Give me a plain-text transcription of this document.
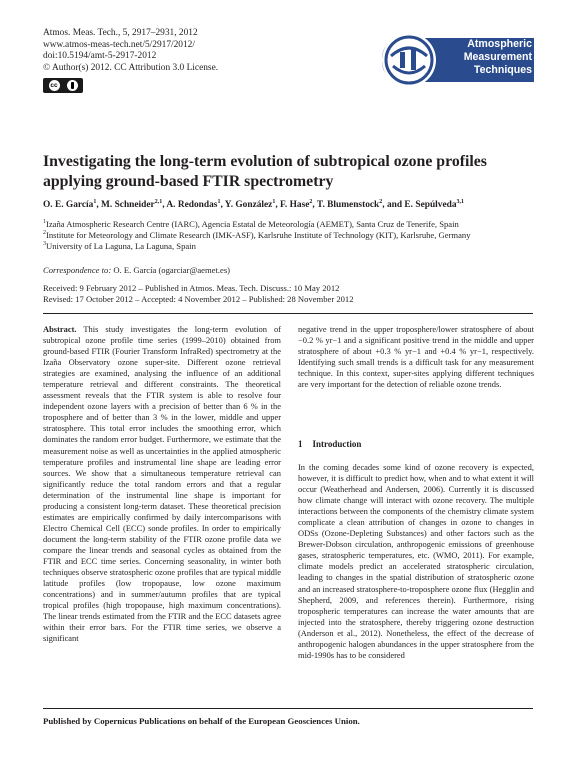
Atmos. Meas. Tech., 5, 2917–2931, 2012
www.atmos-meas-tech.net/5/2917/2012/
doi:10.5194/amt-5-2917-2012
© Author(s) 2012. CC Attribution 3.0 License.
cc
Atmospheric
Measurement
Techniques
Investigating the long-term evolution of subtropical ozone profiles
applying ground-based FTIR spectrometry
O. E. García$^1$, M. Schneider$^{2,1}$, A. Redondas$^1$, Y. González$^1$, F. Hase$^2$, T. Blumenstock$^2$, and E. Sepúlveda$^{3,1}$
$^1$Izaña Atmospheric Research Centre (IARC), Agencia Estatal de Meteorología (AEMET), Santa Cruz de Tenerife, Spain
$^2$Institute for Meteorology and Climate Research (IMK-ASF), Karlsruhe Institute of Technology (KIT), Karlsruhe, Germany
$^3$University of La Laguna, La Laguna, Spain
Correspondence to: O. E. García (ogarciar@aemet.es)
Received: 9 February 2012 – Published in Atmos. Meas. Tech. Discuss.: 10 May 2012
Revised: 17 October 2012 – Accepted: 4 November 2012 – Published: 28 November 2012
Abstract. This study investigates the long-term evolution of subtropical ozone profile time series (1999–2010) obtained from ground-based FTIR (Fourier Transform InfraRed) spectrometry at the Izaña Observatory ozone super-site. Different ozone retrieval strategies are examined, analysing the influence of an additional temperature retrieval and different constraints. The theoretical assessment reveals that the FTIR system is able to resolve four independent ozone layers with a precision of better than 6 % in the troposphere and of better than 3 % in the lower, middle and upper stratosphere. This total error includes the smoothing error, which dominates the random error budget. Furthermore, we estimate that the measurement noise as well as uncertainties in the applied atmospheric temperature profiles and instrumental line shape are leading error sources. We show that a simultaneous temperature retrieval can significantly reduce the total random errors and that a regular determination of the instrumental line shape is important for producing a consistent long-term dataset. These theoretical precision estimates are empirically confirmed by daily intercomparisons with Electro Chemical Cell (ECC) sonde profiles. In order to empirically document the long-term stability of the FTIR ozone profile data we compare the linear trends and seasonal cycles as obtained from the FTIR and ECC time series. Concerning seasonality, in winter both techniques observe stratospheric ozone profiles that are typical middle latitude profiles (low tropopause, low ozone maximum concentrations) and in summer/autumn profiles that are typical tropical profiles (high tropopause, high maximum concentrations). The linear trends estimated from the FTIR and the ECC datasets agree within their error bars. For the FTIR time series, we observe a significant
negative trend in the upper troposphere/lower stratosphere of about −0.2 % yr−1 and a significant positive trend in the middle and upper stratosphere of about +0.3 % yr−1 and +0.4 % yr−1, respectively. Identifying such small trends is a difficult task for any measurement technique. In this context, super-sites applying different techniques are very important for the detection of reliable ozone trends.
1 Introduction
In the coming decades some kind of ozone recovery is expected, however, it is difficult to predict how, when and to what extent it will occur (Weatherhead and Andersen, 2006). Currently it is discussed how climate change will interact with ozone recovery. The multiple interactions between the components of the chemistry climate system complicate a clean attribution of changes in ozone to changes in ODSs (Ozone-Depleting Substances) and other factors such as the Brewer-Dobson circulation, anthropogenic emissions of greenhouse gases, stratospheric temperatures, etc. (WMO, 2011). For example, climate models predict an accelerated stratospheric circulation, leading to changes in the spatial distribution of stratospheric ozone and an increased stratosphere-to-troposphere ozone flux (Hegglin and Shepherd, 2009, and references therein). Furthermore, rising tropospheric temperatures can increase the water amounts that are injected into the stratosphere, thereby triggering ozone destruction (Anderson et al., 2012). Nonetheless, the effect of the decrease of anthropogenic halogen abundances in the upper stratosphere from the mid-1990s has to be considered
Published by Copernicus Publications on behalf of the European Geosciences Union.
